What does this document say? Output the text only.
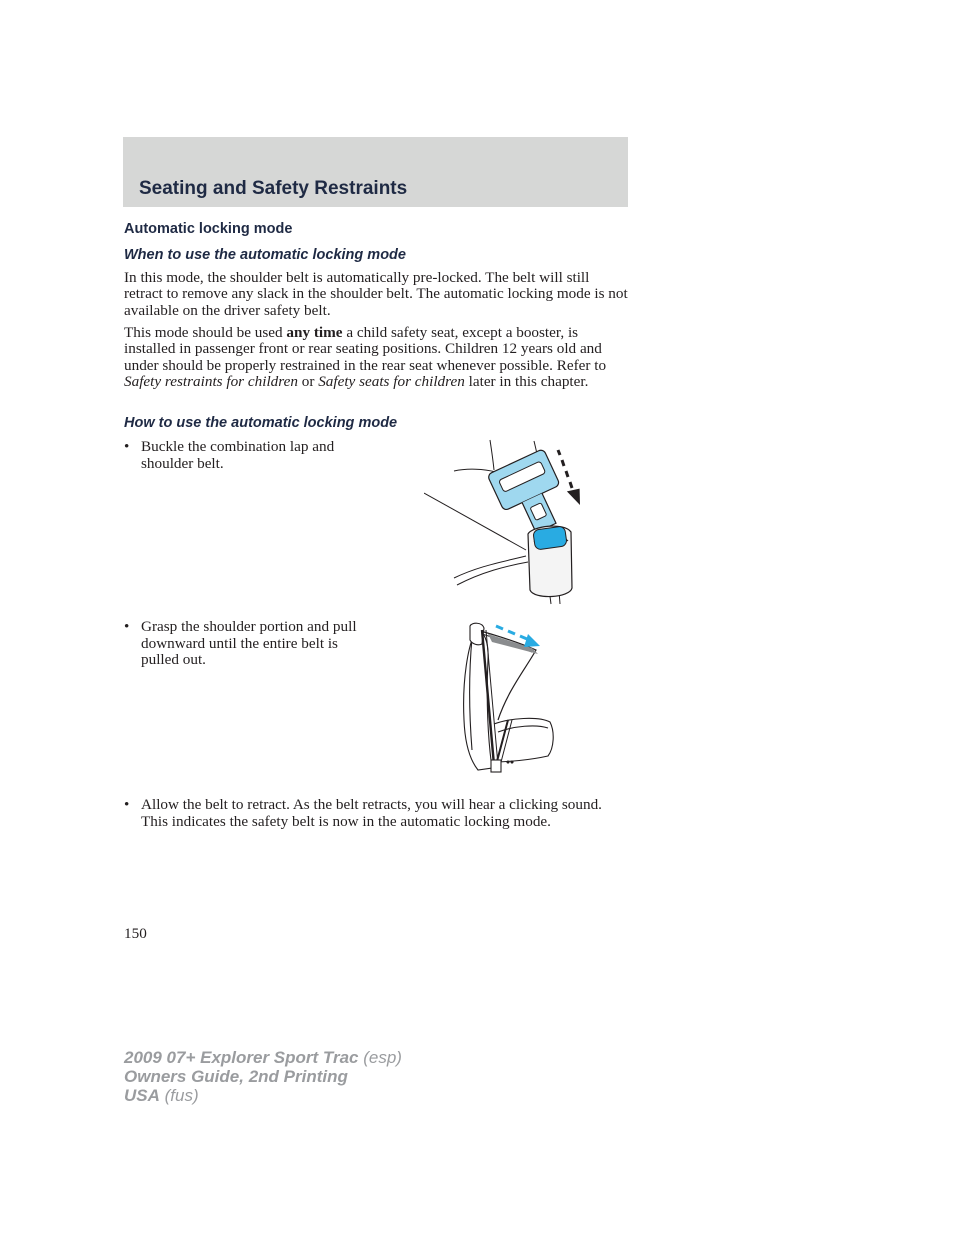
Seating and Safety Restraints
Automatic locking mode
When to use the automatic locking mode

In this mode, the shoulder belt is automatically pre-locked. The belt will still retract to remove any slack in the shoulder belt. The automatic locking mode is not available on the driver safety belt.

This mode should be used any time a child safety seat, except a booster, is installed in passenger front or rear seating positions. Children 12 years old and under should be properly restrained in the rear seat whenever possible. Refer to Safety restraints for children or Safety seats for children later in this chapter.

How to use the automatic locking mode
• Buckle the combination lap and shoulder belt.
• Grasp the shoulder portion and pull downward until the entire belt is pulled out.
• Allow the belt to retract. As the belt retracts, you will hear a clicking sound. This indicates the safety belt is now in the automatic locking mode.

150

2009 07+ Explorer Sport Trac (esp)
Owners Guide, 2nd Printing
USA (fus)
